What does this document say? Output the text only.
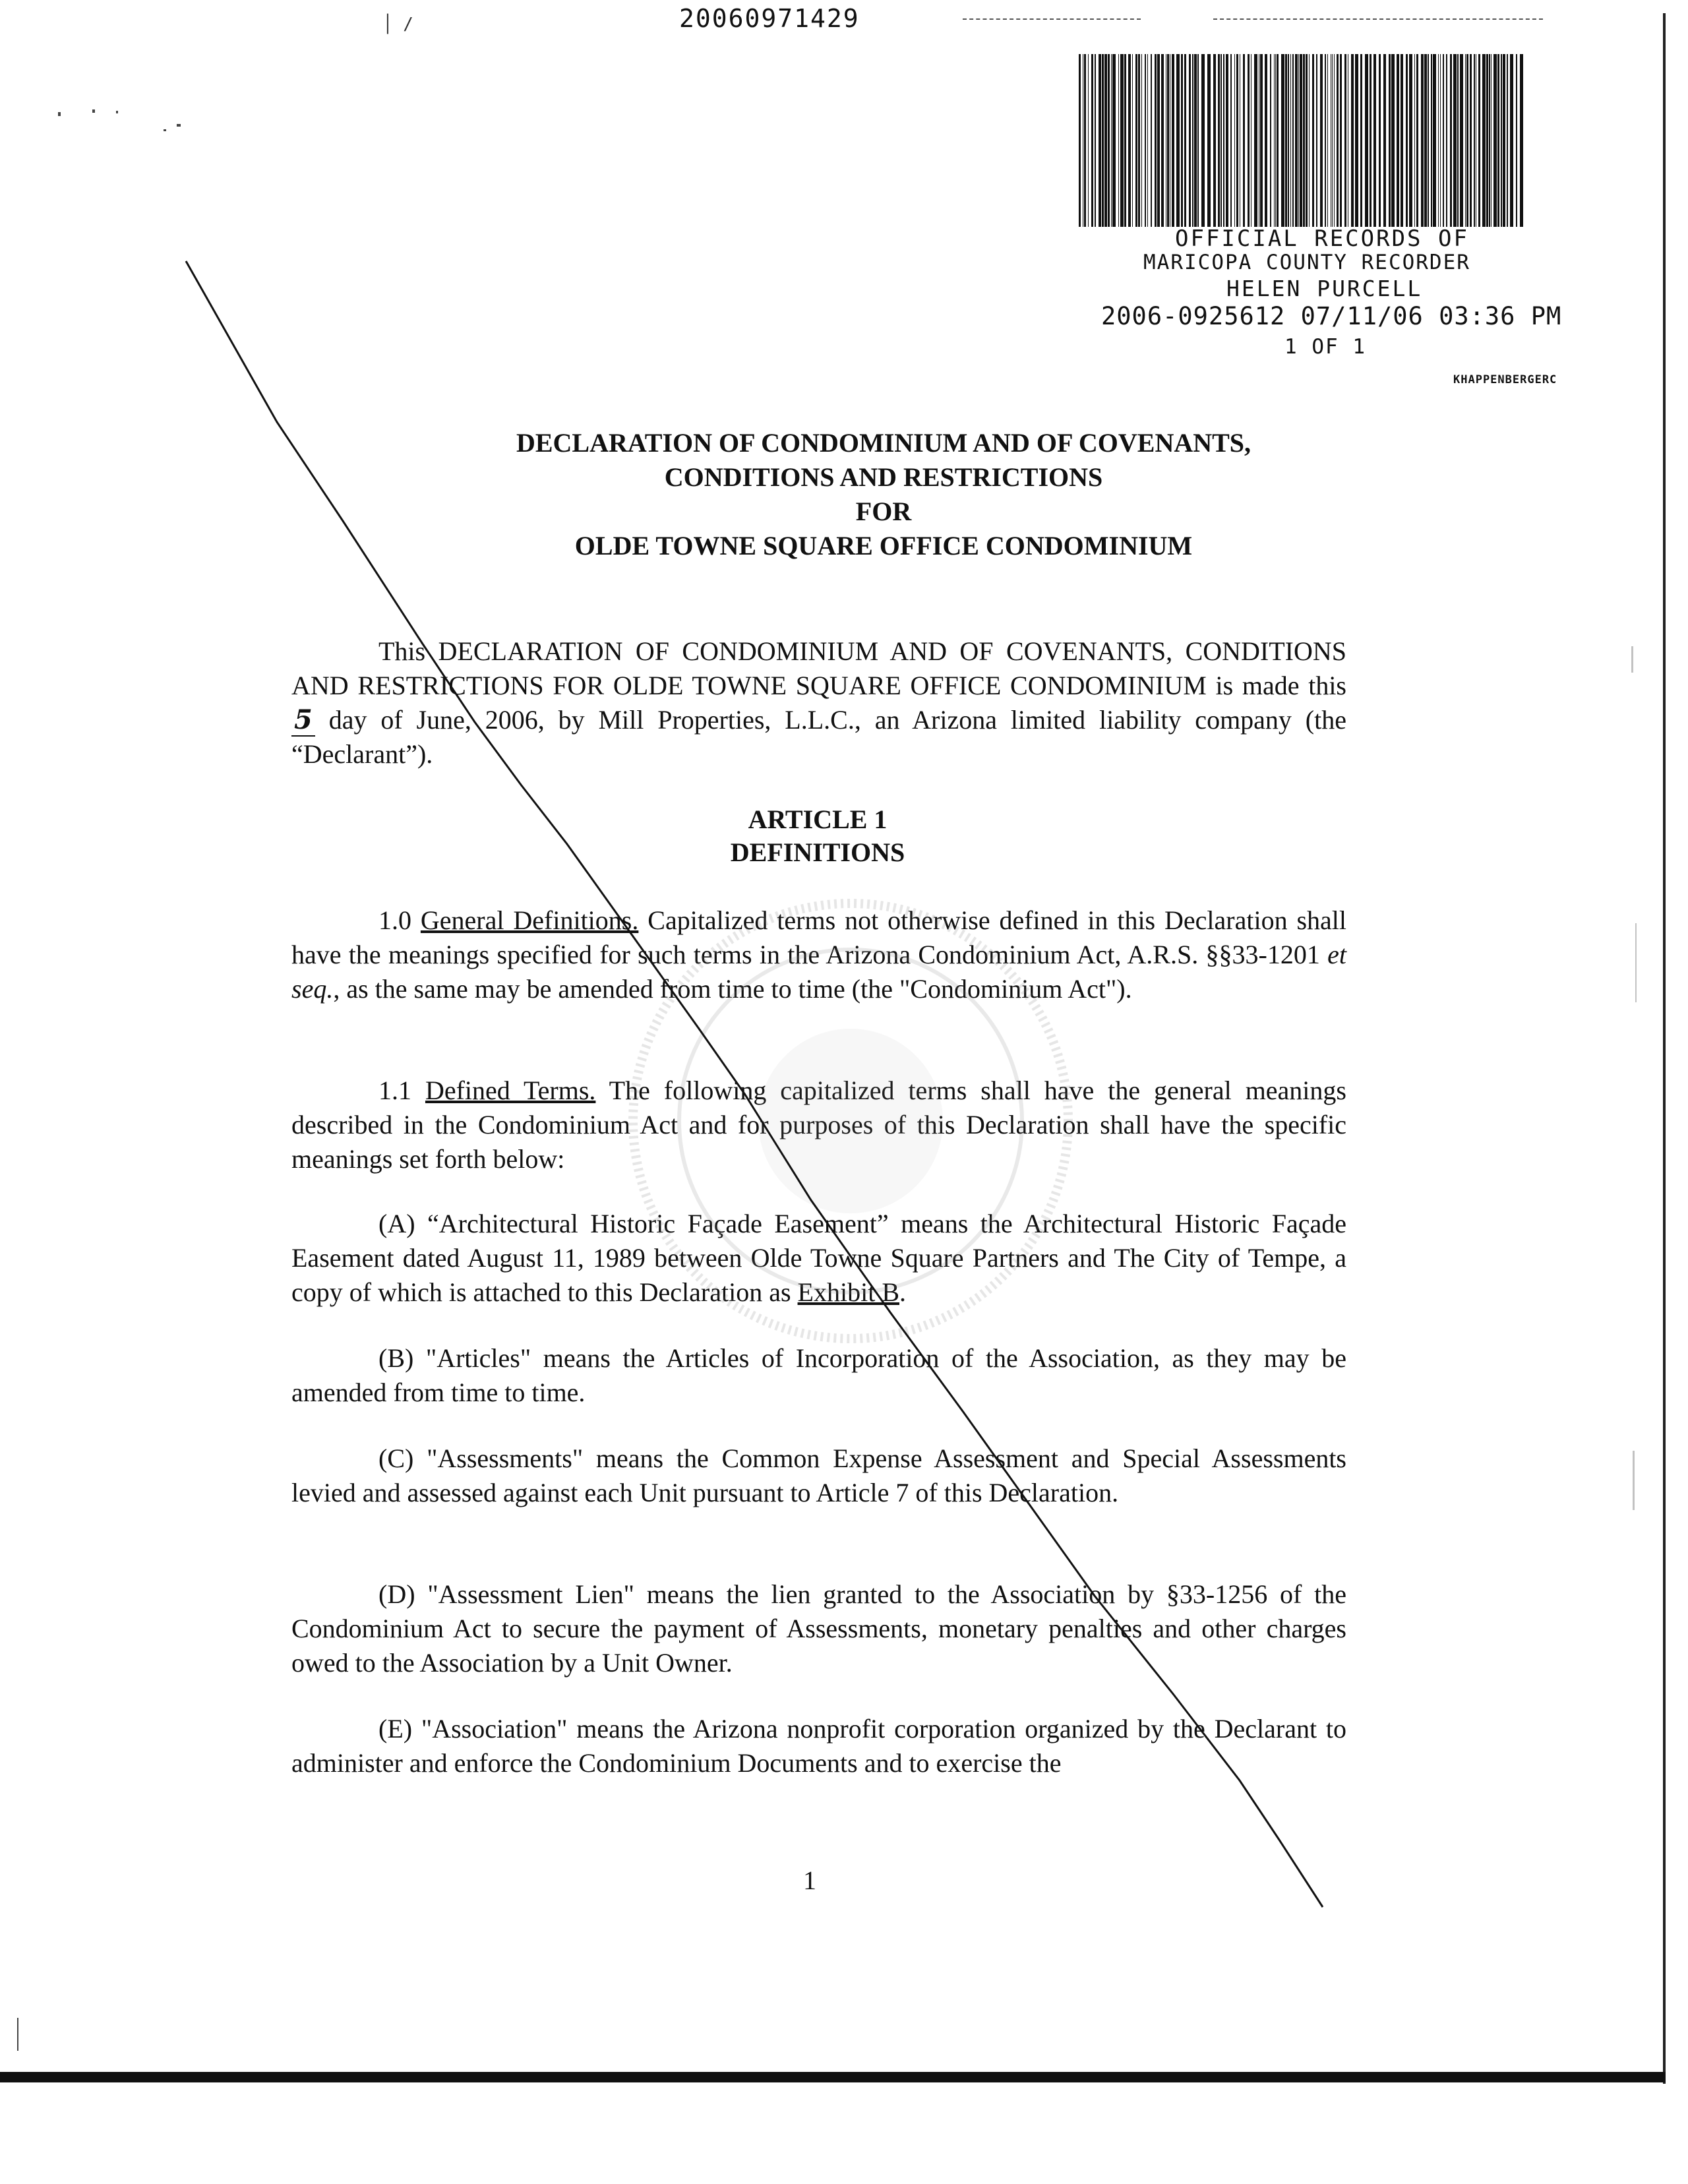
│ /	20060971429
OFFICIAL RECORDS OF
MARICOPA COUNTY RECORDER
HELEN PURCELL
2006-0925612 07/11/06 03:36 PM
1 OF 1
KHAPPENBERGERC
DECLARATION OF CONDOMINIUM AND OF COVENANTS,
CONDITIONS AND RESTRICTIONS
FOR
OLDE TOWNE SQUARE OFFICE CONDOMINIUM
This DECLARATION OF CONDOMINIUM AND OF COVENANTS, CONDITIONS AND RESTRICTIONS FOR OLDE TOWNE SQUARE OFFICE CONDOMINIUM is made this 5 day of June, 2006, by Mill Properties, L.L.C., an Arizona limited liability company (the “Declarant”).
ARTICLE 1
DEFINITIONS
1.0 General Definitions. Capitalized terms not otherwise defined in this Declaration shall have the meanings specified for such terms in the Arizona Condominium Act, A.R.S. §§33-1201 et seq., as the same may be amended from time to time (the "Condominium Act").
1.1 Defined Terms. The following capitalized terms shall have the general meanings described in the Condominium Act and for purposes of this Declaration shall have the specific meanings set forth below:
(A) “Architectural Historic Façade Easement” means the Architectural Historic Façade Easement dated August 11, 1989 between Olde Towne Square Partners and The City of Tempe, a copy of which is attached to this Declaration as Exhibit B.
(B) "Articles" means the Articles of Incorporation of the Association, as they may be amended from time to time.
(C) "Assessments" means the Common Expense Assessment and Special Assessments levied and assessed against each Unit pursuant to Article 7 of this Declaration.
(D) "Assessment Lien" means the lien granted to the Association by §33-1256 of the Condominium Act to secure the payment of Assessments, monetary penalties and other charges owed to the Association by a Unit Owner.
(E) "Association" means the Arizona nonprofit corporation organized by the Declarant to administer and enforce the Condominium Documents and to exercise the
1
